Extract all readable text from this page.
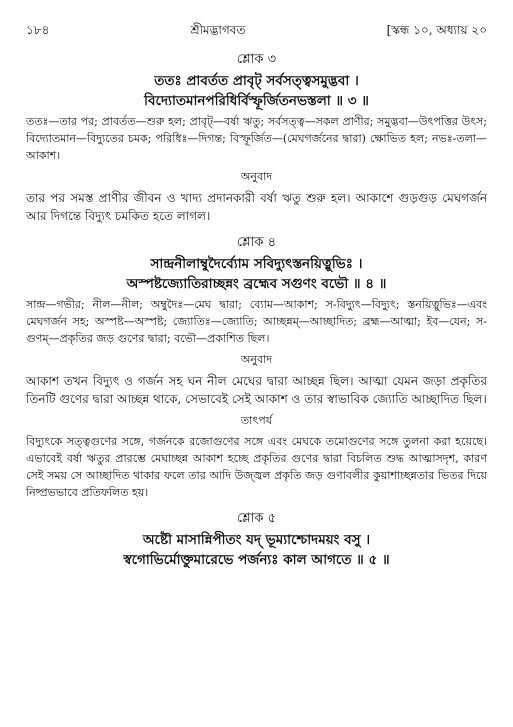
১৮৪	শ্রীমদ্ভাগবত	[স্কন্ধ ১০, অধ্যায় ২০
শ্লোক ৩
ততঃ প্রাবর্তত প্রাবৃট্ সর্বসত্ত্বসমুদ্ভবা ।
বিদ্যোতমানপরিধির্বিস্ফূর্জিতনভস্তলা ॥ ৩ ॥
ততঃ—তার পর; প্রাবর্তত—শুরু হল; প্রাবৃট্—বর্ষা ঋতু; সর্বসত্ত্ব—সকল প্রাণীর; সমুদ্ভবা—উৎপত্তির উৎস; বিদ্যোতমান—বিদ্যুতের চমক; পরিধিঃ—দিগন্ত; বিস্ফূর্জিত—(মেঘগর্জনের দ্বারা) ক্ষোভিত হল; নভঃ-তলা—আকাশ।
অনুবাদ
তার পর সমস্ত প্রাণীর জীবন ও খাদ্য প্রদানকারী বর্ষা ঋতু শুরু হল। আকাশে গুড়গুড় মেঘগর্জন আর দিগন্তে বিদ্যুৎ চমকিত হতে লাগল।
শ্লোক ৪
সান্দ্রনীলাম্বুদৈর্ব্যোম সবিদ্যুৎস্তনয়িত্নুভিঃ ।
অস্পষ্টজ্যোতিরাচ্ছন্নং ব্রহ্মেব সগুণং বভৌ ॥ ৪ ॥
সান্দ্র—গভীর; নীল—নীল; অম্বুদৈঃ—মেঘ দ্বারা; ব্যোম—আকাশ; স-বিদ্যুৎ—বিদ্যুৎ; স্তনয়িত্নুভিঃ—এবং মেঘগর্জন সহ; অস্পষ্ট—অস্পষ্ট; জ্যোতিঃ—জ্যোতি; আচ্ছন্নম্—আচ্ছাদিত; ব্রহ্ম—আত্মা; ইব—যেন; স-গুণম্—প্রকৃতির জড় গুণের দ্বারা; বভৌ—প্রকাশিত ছিল।
অনুবাদ
আকাশ তখন বিদ্যুৎ ও গর্জন সহ ঘন নীল মেঘের দ্বারা আচ্ছন্ন ছিল। আত্মা যেমন জড়া প্রকৃতির তিনটি গুণের দ্বারা আচ্ছন্ন থাকে, সেভাবেই সেই আকাশ ও তার স্বাভাবিক জ্যোতি আচ্ছাদিত ছিল।
তাৎপর্য
বিদ্যুৎকে সত্ত্বগুণের সঙ্গে, গর্জনকে রজোগুণের সঙ্গে এবং মেঘকে তমোগুণের সঙ্গে তুলনা করা হয়েছে। এভাবেই বর্ষা ঋতুর প্রারম্ভে মেঘাচ্ছন্ন আকাশ হচ্ছে প্রকৃতির গুণের দ্বারা বিচলিত শুদ্ধ আত্মাসদৃশ, কারণ সেই সময় সে আচ্ছাদিত থাকার ফলে তার আদি উজ্জ্বল প্রকৃতি জড় গুণাবলীর কুয়াশাচ্ছন্নতার ভিতর দিয়ে নিষ্প্রভভাবে প্রতিফলিত হয়।
শ্লোক ৫
অষ্টৌ মাসান্নিপীতং যদ্ ভূম্যাশ্চোদময়ং বসু ।
স্বগোভির্মোক্তুমারেভে পর্জন্যঃ কাল আগতে ॥ ৫ ॥
